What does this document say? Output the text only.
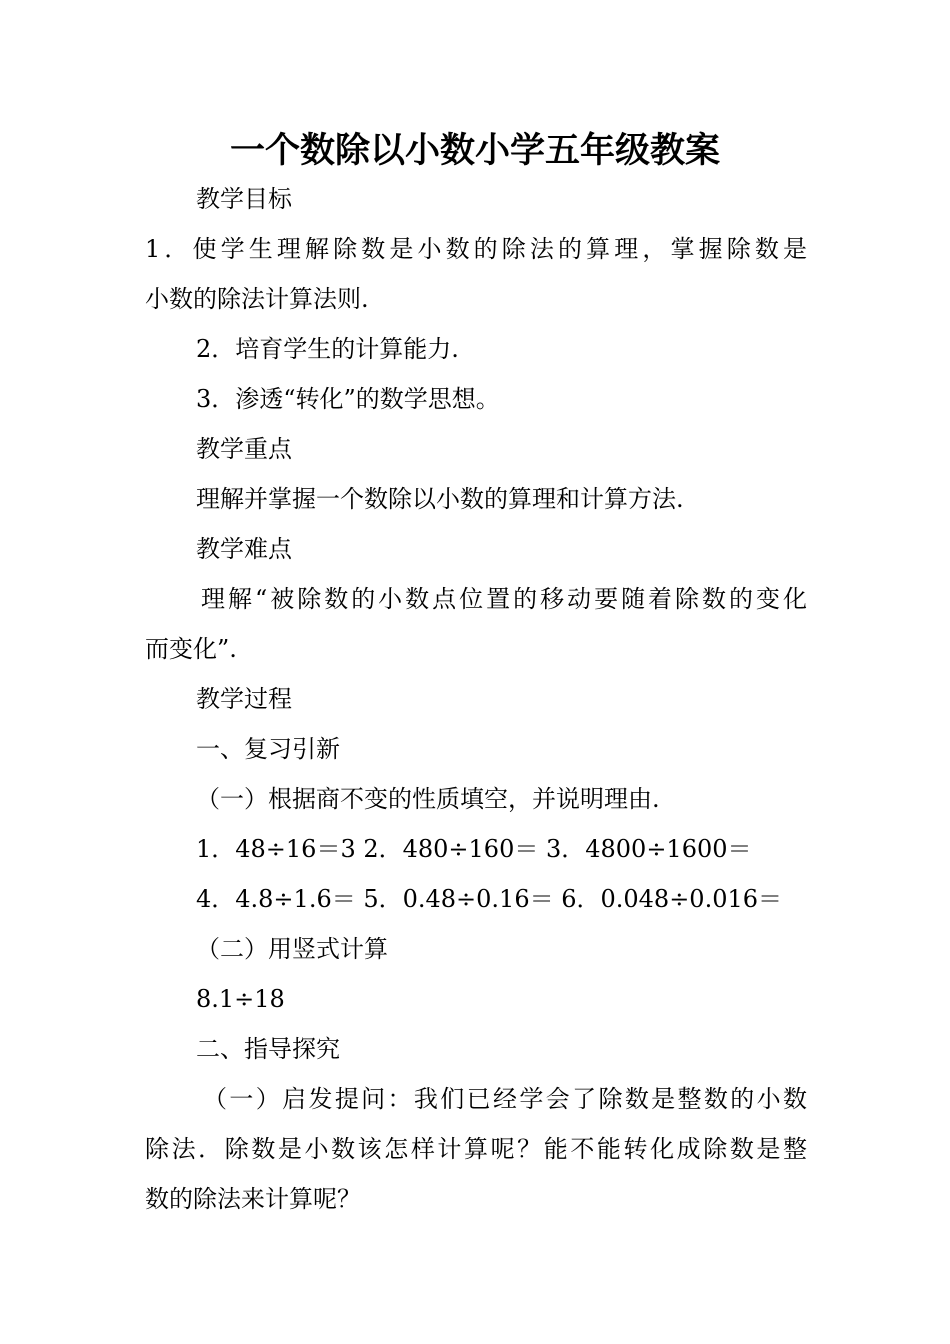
一个数除以小数小学五年级教案

教学目标

1．使学生理解除数是小数的除法的算理，掌握除数是

小数的除法计算法则.

2．培育学生的计算能力.

3．渗透“转化”的数学思想。

教学重点

理解并掌握一个数除以小数的算理和计算方法.

教学难点

理解“被除数的小数点位置的移动要随着除数的变化

而变化”.

教学过程

一、复习引新

（一）根据商不变的性质填空，并说明理由.

1．48÷16＝3 2．480÷160＝ 3．4800÷1600＝

4．4.8÷1.6＝ 5．0.48÷0.16＝ 6．0.048÷0.016＝

（二）用竖式计算

8.1÷18

二、指导探究

（一）启发提问：我们已经学会了除数是整数的小数

除法．除数是小数该怎样计算呢？能不能转化成除数是整

数的除法来计算呢？
